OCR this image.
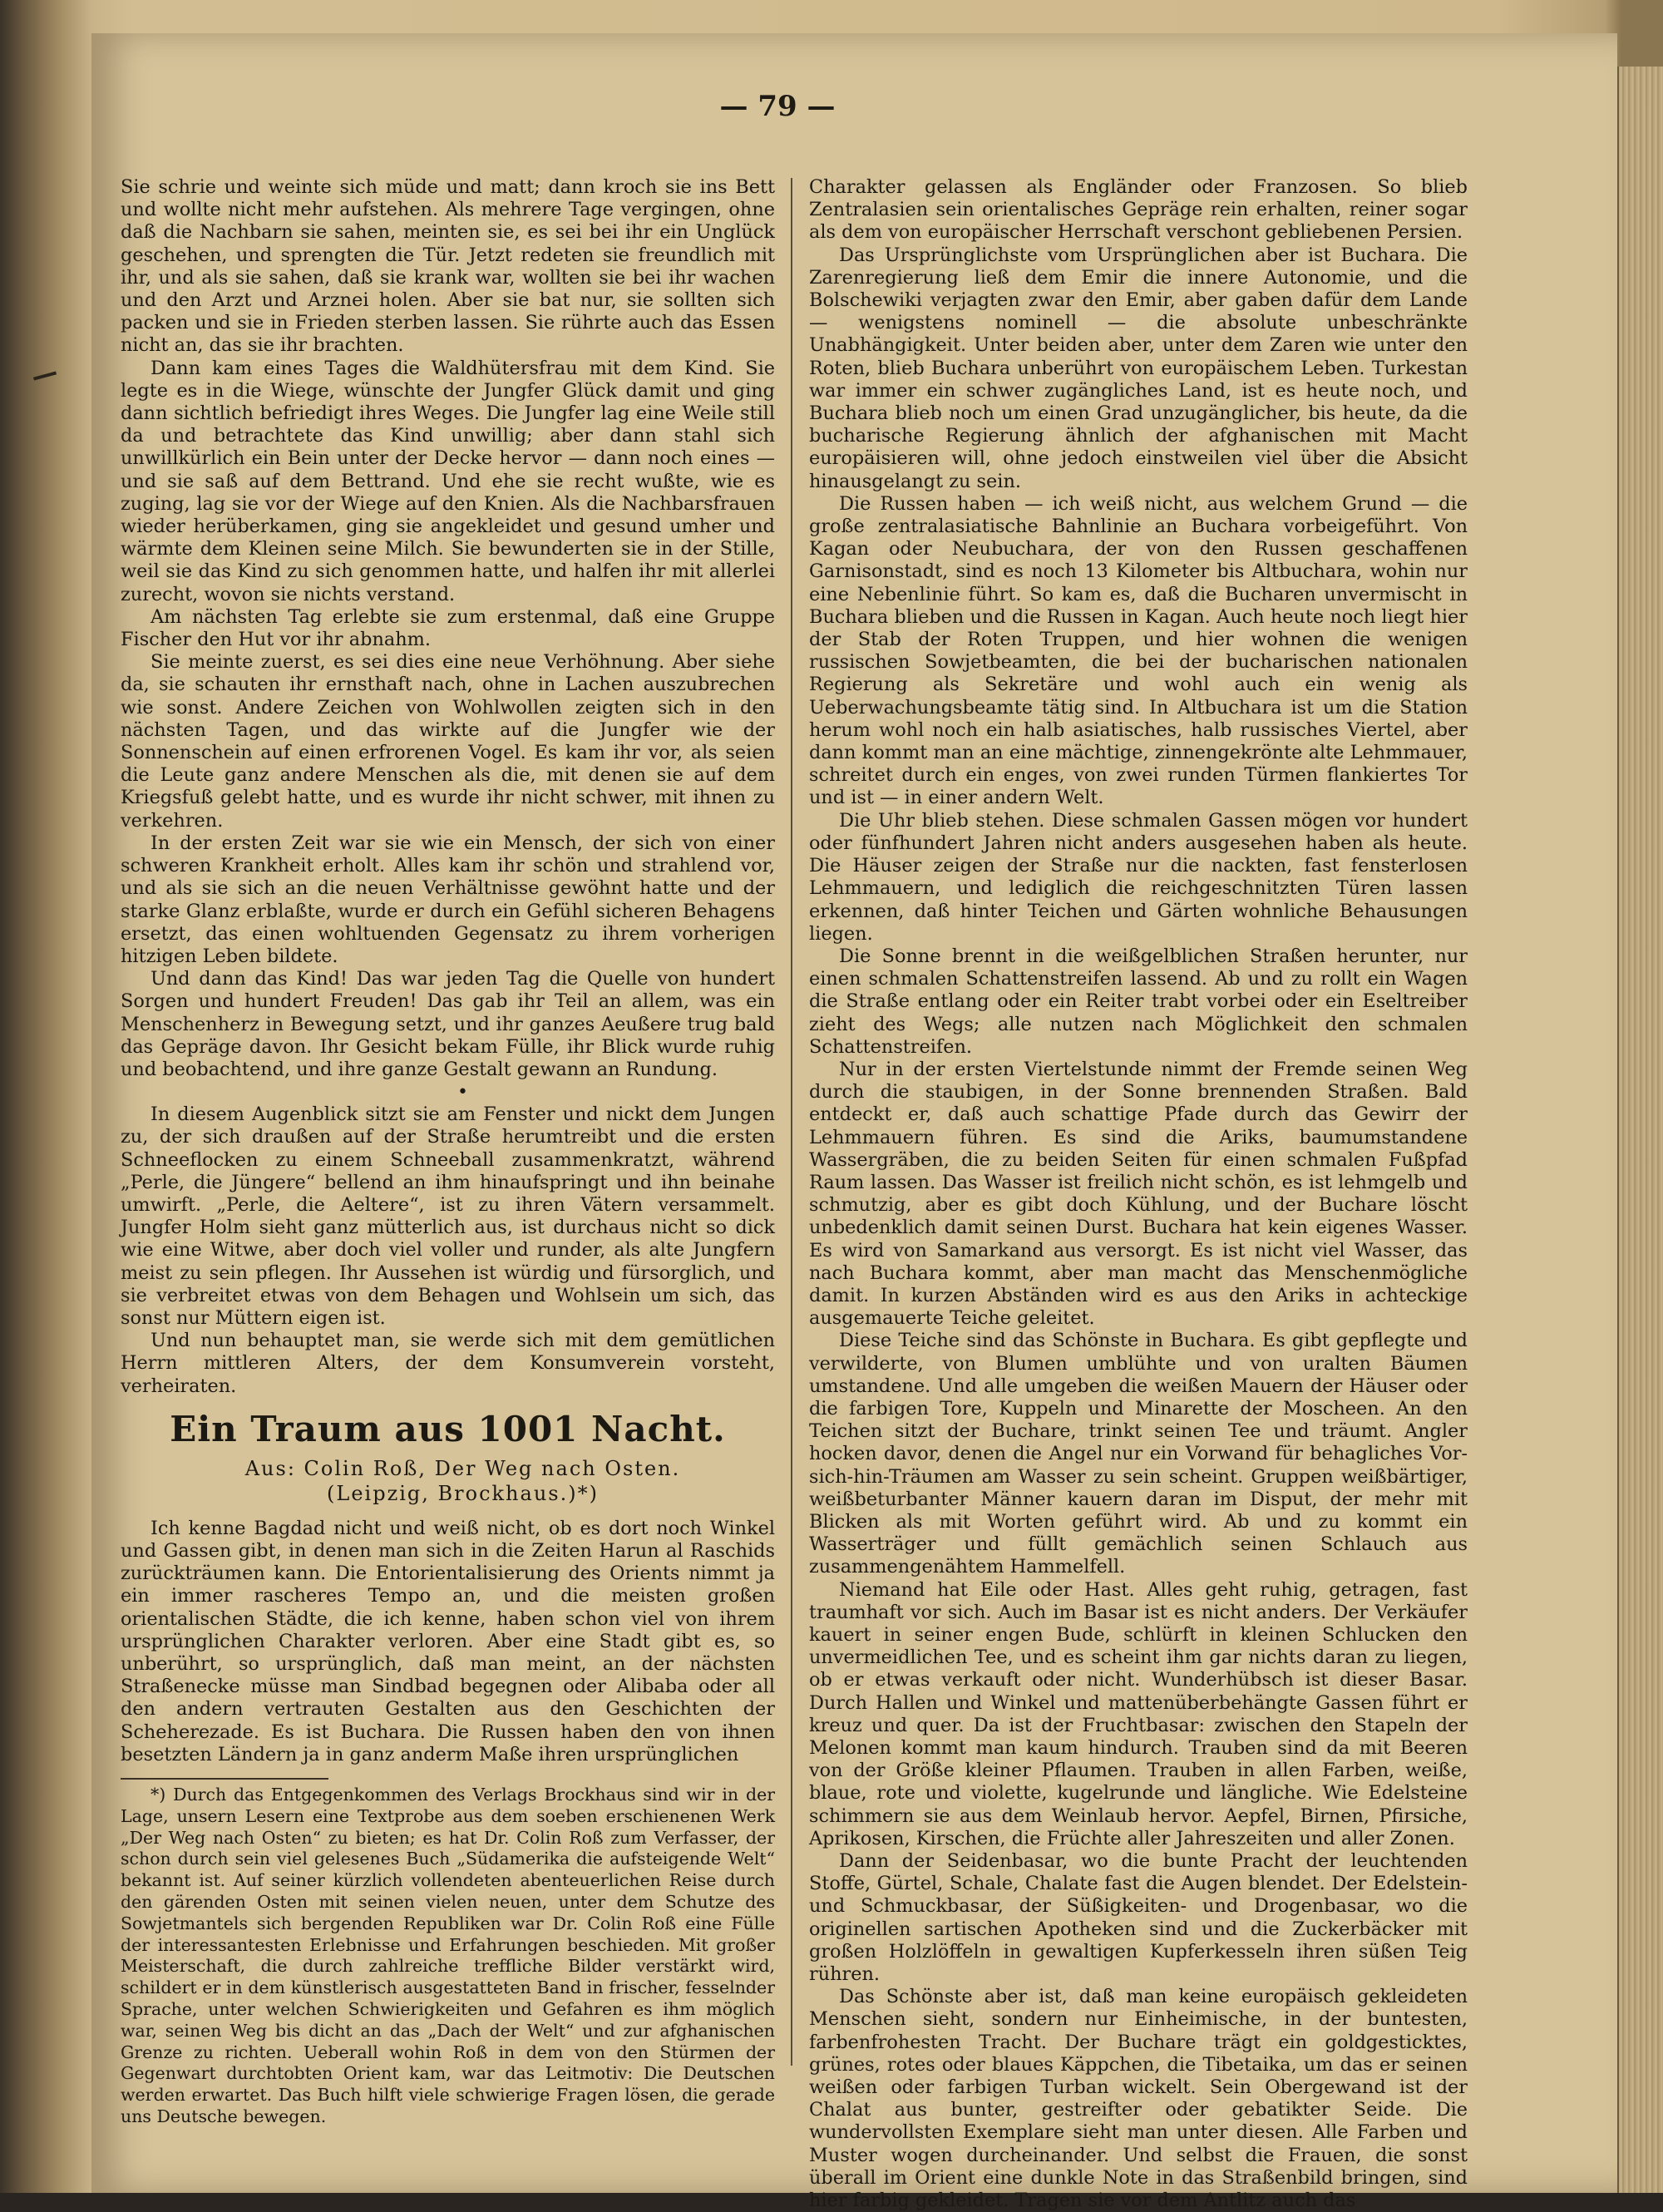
— 79 —

Sie schrie und weinte sich müde und matt; dann kroch sie ins Bett und wollte nicht mehr aufstehen. Als mehrere Tage vergingen, ohne daß die Nachbarn sie sahen, meinten sie, es sei bei ihr ein Unglück geschehen, und sprengten die Tür. Jetzt redeten sie freundlich mit ihr, und als sie sahen, daß sie krank war, wollten sie bei ihr wachen und den Arzt und Arznei holen. Aber sie bat nur, sie sollten sich packen und sie in Frieden sterben lassen. Sie rührte auch das Essen nicht an, das sie ihr brachten.

Dann kam eines Tages die Waldhütersfrau mit dem Kind. Sie legte es in die Wiege, wünschte der Jungfer Glück damit und ging dann sichtlich befriedigt ihres Weges. Die Jungfer lag eine Weile still da und betrachtete das Kind unwillig; aber dann stahl sich unwillkürlich ein Bein unter der Decke hervor — dann noch eines — und sie saß auf dem Bettrand. Und ehe sie recht wußte, wie es zuging, lag sie vor der Wiege auf den Knien. Als die Nachbarsfrauen wieder herüberkamen, ging sie angekleidet und gesund umher und wärmte dem Kleinen seine Milch. Sie bewunderten sie in der Stille, weil sie das Kind zu sich genommen hatte, und halfen ihr mit allerlei zurecht, wovon sie nichts verstand.

Am nächsten Tag erlebte sie zum erstenmal, daß eine Gruppe Fischer den Hut vor ihr abnahm.

Sie meinte zuerst, es sei dies eine neue Verhöhnung. Aber siehe da, sie schauten ihr ernsthaft nach, ohne in Lachen auszubrechen wie sonst. Andere Zeichen von Wohlwollen zeigten sich in den nächsten Tagen, und das wirkte auf die Jungfer wie der Sonnenschein auf einen erfrorenen Vogel. Es kam ihr vor, als seien die Leute ganz andere Menschen als die, mit denen sie auf dem Kriegsfuß gelebt hatte, und es wurde ihr nicht schwer, mit ihnen zu verkehren.

In der ersten Zeit war sie wie ein Mensch, der sich von einer schweren Krankheit erholt. Alles kam ihr schön und strahlend vor, und als sie sich an die neuen Verhältnisse gewöhnt hatte und der starke Glanz erblaßte, wurde er durch ein Gefühl sicheren Behagens ersetzt, das einen wohltuenden Gegensatz zu ihrem vorherigen hitzigen Leben bildete.

Und dann das Kind! Das war jeden Tag die Quelle von hundert Sorgen und hundert Freuden! Das gab ihr Teil an allem, was ein Menschenherz in Bewegung setzt, und ihr ganzes Aeußere trug bald das Gepräge davon. Ihr Gesicht bekam Fülle, ihr Blick wurde ruhig und beobachtend, und ihre ganze Gestalt gewann an Rundung.

•

In diesem Augenblick sitzt sie am Fenster und nickt dem Jungen zu, der sich draußen auf der Straße herumtreibt und die ersten Schneeflocken zu einem Schneeball zusammenkratzt, während „Perle, die Jüngere“ bellend an ihm hinaufspringt und ihn beinahe umwirft. „Perle, die Aeltere“, ist zu ihren Vätern versammelt. Jungfer Holm sieht ganz mütterlich aus, ist durchaus nicht so dick wie eine Witwe, aber doch viel voller und runder, als alte Jungfern meist zu sein pflegen. Ihr Aussehen ist würdig und fürsorglich, und sie verbreitet etwas von dem Behagen und Wohlsein um sich, das sonst nur Müttern eigen ist.

Und nun behauptet man, sie werde sich mit dem gemütlichen Herrn mittleren Alters, der dem Konsumverein vorsteht, verheiraten.

Ein Traum aus 1001 Nacht.

Aus: Colin Roß, Der Weg nach Osten.

(Leipzig, Brockhaus.)*)

Ich kenne Bagdad nicht und weiß nicht, ob es dort noch Winkel und Gassen gibt, in denen man sich in die Zeiten Harun al Raschids zurückträumen kann. Die Entorientalisierung des Orients nimmt ja ein immer rascheres Tempo an, und die meisten großen orientalischen Städte, die ich kenne, haben schon viel von ihrem ursprünglichen Charakter verloren. Aber eine Stadt gibt es, so unberührt, so ursprünglich, daß man meint, an der nächsten Straßenecke müsse man Sindbad begegnen oder Alibaba oder all den andern vertrauten Gestalten aus den Geschichten der Scheherezade. Es ist Buchara. Die Russen haben den von ihnen besetzten Ländern ja in ganz anderm Maße ihren ursprünglichen

*) Durch das Entgegenkommen des Verlags Brockhaus sind wir in der Lage, unsern Lesern eine Textprobe aus dem soeben erschienenen Werk „Der Weg nach Osten“ zu bieten; es hat Dr. Colin Roß zum Verfasser, der schon durch sein viel gelesenes Buch „Südamerika die aufsteigende Welt“ bekannt ist. Auf seiner kürzlich vollendeten abenteuerlichen Reise durch den gärenden Osten mit seinen vielen neuen, unter dem Schutze des Sowjetmantels sich bergenden Republiken war Dr. Colin Roß eine Fülle der interessantesten Erlebnisse und Erfahrungen beschieden. Mit großer Meisterschaft, die durch zahlreiche treffliche Bilder verstärkt wird, schildert er in dem künstlerisch ausgestatteten Band in frischer, fesselnder Sprache, unter welchen Schwierigkeiten und Gefahren es ihm möglich war, seinen Weg bis dicht an das „Dach der Welt“ und zur afghanischen Grenze zu richten. Ueberall wohin Roß in dem von den Stürmen der Gegenwart durchtobten Orient kam, war das Leitmotiv: Die Deutschen werden erwartet. Das Buch hilft viele schwierige Fragen lösen, die gerade uns Deutsche bewegen.

Charakter gelassen als Engländer oder Franzosen. So blieb Zentralasien sein orientalisches Gepräge rein erhalten, reiner sogar als dem von europäischer Herrschaft verschont gebliebenen Persien.

Das Ursprünglichste vom Ursprünglichen aber ist Buchara. Die Zarenregierung ließ dem Emir die innere Autonomie, und die Bolschewiki verjagten zwar den Emir, aber gaben dafür dem Lande — wenigstens nominell — die absolute unbeschränkte Unabhängigkeit. Unter beiden aber, unter dem Zaren wie unter den Roten, blieb Buchara unberührt von europäischem Leben. Turkestan war immer ein schwer zugängliches Land, ist es heute noch, und Buchara blieb noch um einen Grad unzugänglicher, bis heute, da die bucharische Regierung ähnlich der afghanischen mit Macht europäisieren will, ohne jedoch einstweilen viel über die Absicht hinausgelangt zu sein.

Die Russen haben — ich weiß nicht, aus welchem Grund — die große zentralasiatische Bahnlinie an Buchara vorbeigeführt. Von Kagan oder Neubuchara, der von den Russen geschaffenen Garnisonstadt, sind es noch 13 Kilometer bis Altbuchara, wohin nur eine Nebenlinie führt. So kam es, daß die Bucharen unvermischt in Buchara blieben und die Russen in Kagan. Auch heute noch liegt hier der Stab der Roten Truppen, und hier wohnen die wenigen russischen Sowjetbeamten, die bei der bucharischen nationalen Regierung als Sekretäre und wohl auch ein wenig als Ueberwachungsbeamte tätig sind. In Altbuchara ist um die Station herum wohl noch ein halb asiatisches, halb russisches Viertel, aber dann kommt man an eine mächtige, zinnengekrönte alte Lehmmauer, schreitet durch ein enges, von zwei runden Türmen flankiertes Tor und ist — in einer andern Welt.

Die Uhr blieb stehen. Diese schmalen Gassen mögen vor hundert oder fünfhundert Jahren nicht anders ausgesehen haben als heute. Die Häuser zeigen der Straße nur die nackten, fast fensterlosen Lehmmauern, und lediglich die reichgeschnitzten Türen lassen erkennen, daß hinter Teichen und Gärten wohnliche Behausungen liegen.

Die Sonne brennt in die weißgelblichen Straßen herunter, nur einen schmalen Schattenstreifen lassend. Ab und zu rollt ein Wagen die Straße entlang oder ein Reiter trabt vorbei oder ein Eseltreiber zieht des Wegs; alle nutzen nach Möglichkeit den schmalen Schattenstreifen.

Nur in der ersten Viertelstunde nimmt der Fremde seinen Weg durch die staubigen, in der Sonne brennenden Straßen. Bald entdeckt er, daß auch schattige Pfade durch das Gewirr der Lehmmauern führen. Es sind die Ariks, baumumstandene Wassergräben, die zu beiden Seiten für einen schmalen Fußpfad Raum lassen. Das Wasser ist freilich nicht schön, es ist lehmgelb und schmutzig, aber es gibt doch Kühlung, und der Buchare löscht unbedenklich damit seinen Durst. Buchara hat kein eigenes Wasser. Es wird von Samarkand aus versorgt. Es ist nicht viel Wasser, das nach Buchara kommt, aber man macht das Menschenmögliche damit. In kurzen Abständen wird es aus den Ariks in achteckige ausgemauerte Teiche geleitet.

Diese Teiche sind das Schönste in Buchara. Es gibt gepflegte und verwilderte, von Blumen umblühte und von uralten Bäumen umstandene. Und alle umgeben die weißen Mauern der Häuser oder die farbigen Tore, Kuppeln und Minarette der Moscheen. An den Teichen sitzt der Buchare, trinkt seinen Tee und träumt. Angler hocken davor, denen die Angel nur ein Vorwand für behagliches Vor-sich-hin-Träumen am Wasser zu sein scheint. Gruppen weißbärtiger, weißbeturbanter Männer kauern daran im Disput, der mehr mit Blicken als mit Worten geführt wird. Ab und zu kommt ein Wasserträger und füllt gemächlich seinen Schlauch aus zusammengenähtem Hammelfell.

Niemand hat Eile oder Hast. Alles geht ruhig, getragen, fast traumhaft vor sich. Auch im Basar ist es nicht anders. Der Verkäufer kauert in seiner engen Bude, schlürft in kleinen Schlucken den unvermeidlichen Tee, und es scheint ihm gar nichts daran zu liegen, ob er etwas verkauft oder nicht. Wunderhübsch ist dieser Basar. Durch Hallen und Winkel und mattenüberbehängte Gassen führt er kreuz und quer. Da ist der Fruchtbasar: zwischen den Stapeln der Melonen kommt man kaum hindurch. Trauben sind da mit Beeren von der Größe kleiner Pflaumen. Trauben in allen Farben, weiße, blaue, rote und violette, kugelrunde und längliche. Wie Edelsteine schimmern sie aus dem Weinlaub hervor. Aepfel, Birnen, Pfirsiche, Aprikosen, Kirschen, die Früchte aller Jahreszeiten und aller Zonen.

Dann der Seidenbasar, wo die bunte Pracht der leuchtenden Stoffe, Gürtel, Schale, Chalate fast die Augen blendet. Der Edelstein- und Schmuckbasar, der Süßigkeiten- und Drogenbasar, wo die originellen sartischen Apotheken sind und die Zuckerbäcker mit großen Holzlöffeln in gewaltigen Kupferkesseln ihren süßen Teig rühren.

Das Schönste aber ist, daß man keine europäisch gekleideten Menschen sieht, sondern nur Einheimische, in der buntesten, farbenfrohesten Tracht. Der Buchare trägt ein goldgesticktes, grünes, rotes oder blaues Käppchen, die Tibetaika, um das er seinen weißen oder farbigen Turban wickelt. Sein Obergewand ist der Chalat aus bunter, gestreifter oder gebatikter Seide. Die wundervollsten Exemplare sieht man unter diesen. Alle Farben und Muster wogen durcheinander. Und selbst die Frauen, die sonst überall im Orient eine dunkle Note in das Straßenbild bringen, sind hier farbig gekleidet. Tragen sie vor dem Antlitz auch das
